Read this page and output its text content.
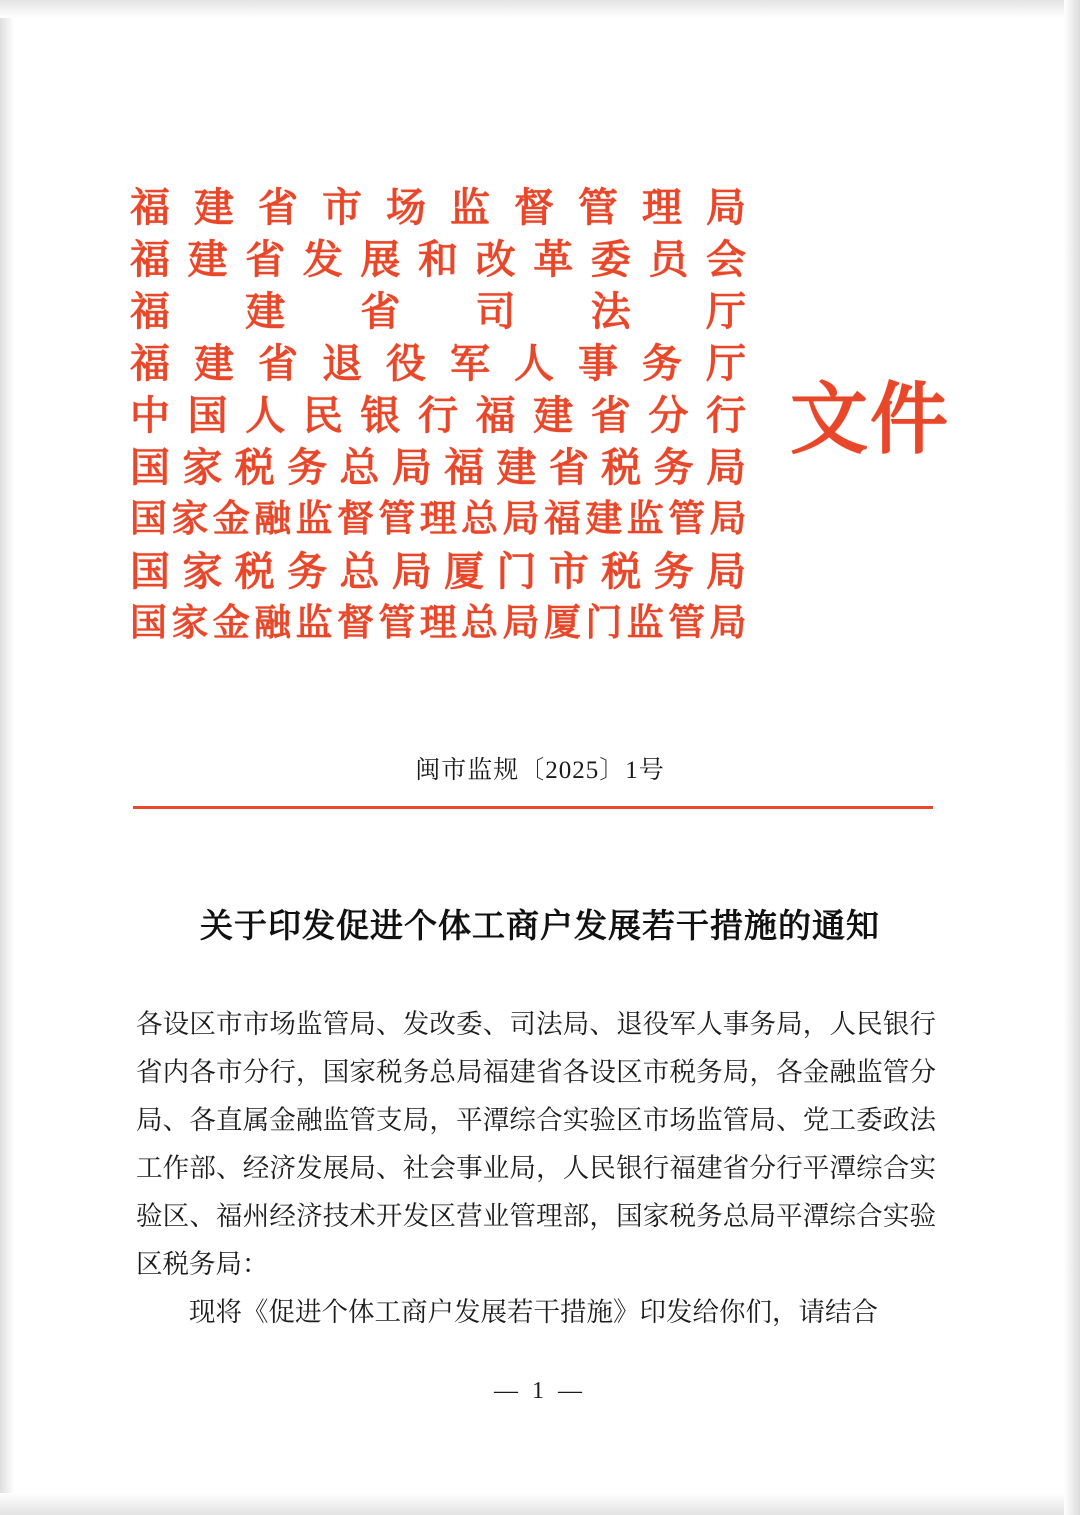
福建省市场监督管理局
福建省发展和改革委员会
福建省司法厅
福建省退役军人事务厅
中国人民银行福建省分行
国家税务总局福建省税务局
国家金融监督管理总局福建监管局
国家税务总局厦门市税务局
国家金融监督管理总局厦门监管局
文件
闽市监规〔2025〕1号
关于印发促进个体工商户发展若干措施的通知

各设区市市场监管局、发改委、司法局、退役军人事务局，人民银行省内各市分行，国家税务总局福建省各设区市税务局，各金融监管分局、各直属金融监管支局，平潭综合实验区市场监管局、党工委政法工作部、经济发展局、社会事业局，人民银行福建省分行平潭综合实验区、福州经济技术开发区营业管理部，国家税务总局平潭综合实验区税务局：

现将《促进个体工商户发展若干措施》印发给你们，请结合

— 1 —
